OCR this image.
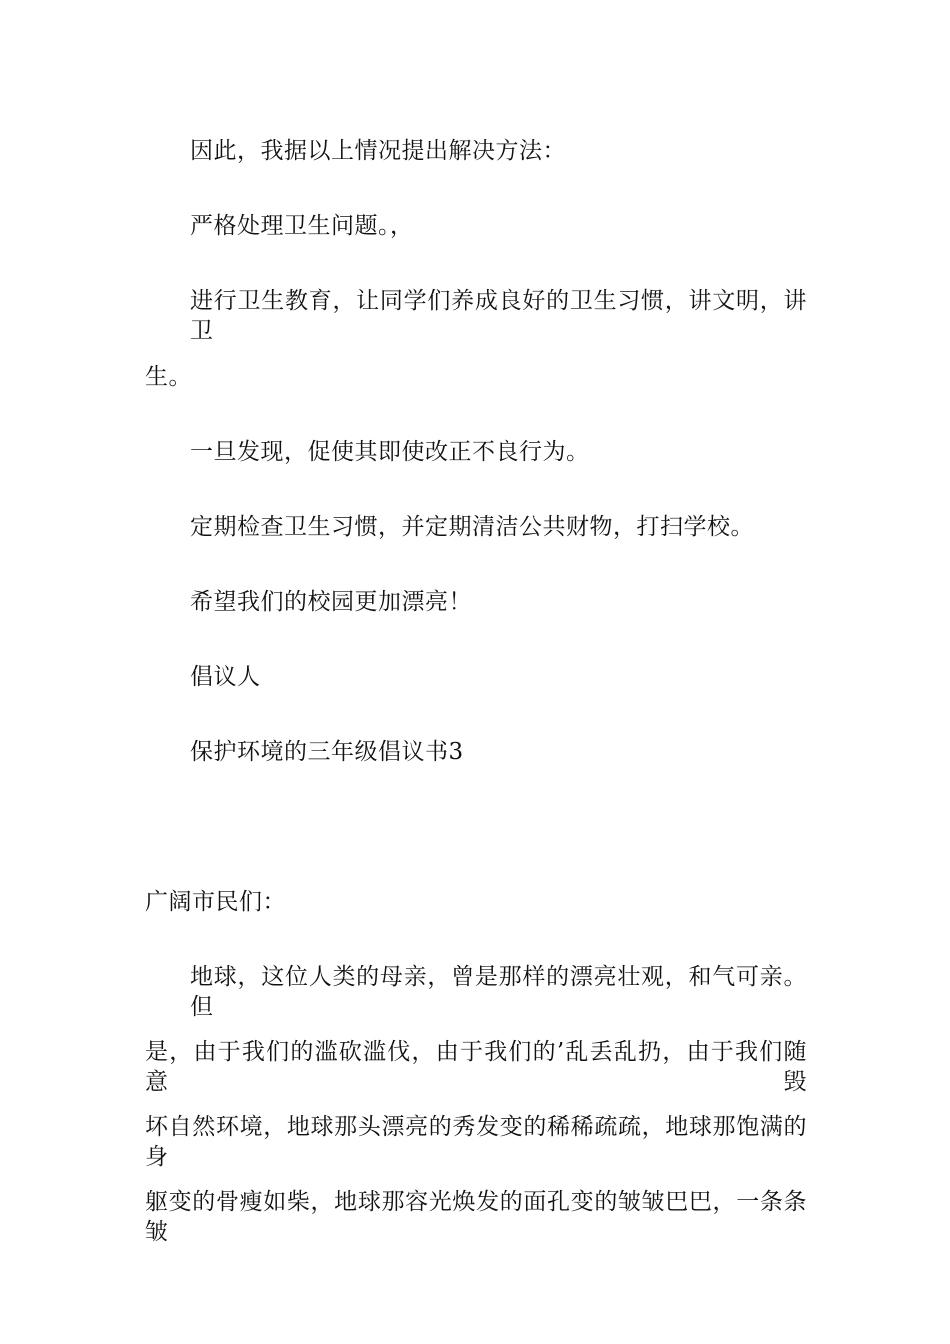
因此，我据以上情况提出解决方法：
严格处理卫生问题。，
进行卫生教育，让同学们养成良好的卫生习惯，讲文明，讲卫
生。
一旦发现，促使其即使改正不良行为。
定期检查卫生习惯，并定期清洁公共财物，打扫学校。
希望我们的校园更加漂亮！
倡议人
保护环境的三年级倡议书3
广阔市民们：
地球，这位人类的母亲，曾是那样的漂亮壮观，和气可亲。但
是，由于我们的滥砍滥伐，由于我们的’乱丢乱扔，由于我们随意毁
坏自然环境，地球那头漂亮的秀发变的稀稀疏疏，地球那饱满的身
躯变的骨瘦如柴，地球那容光焕发的面孔变的皱皱巴巴，一条条皱
